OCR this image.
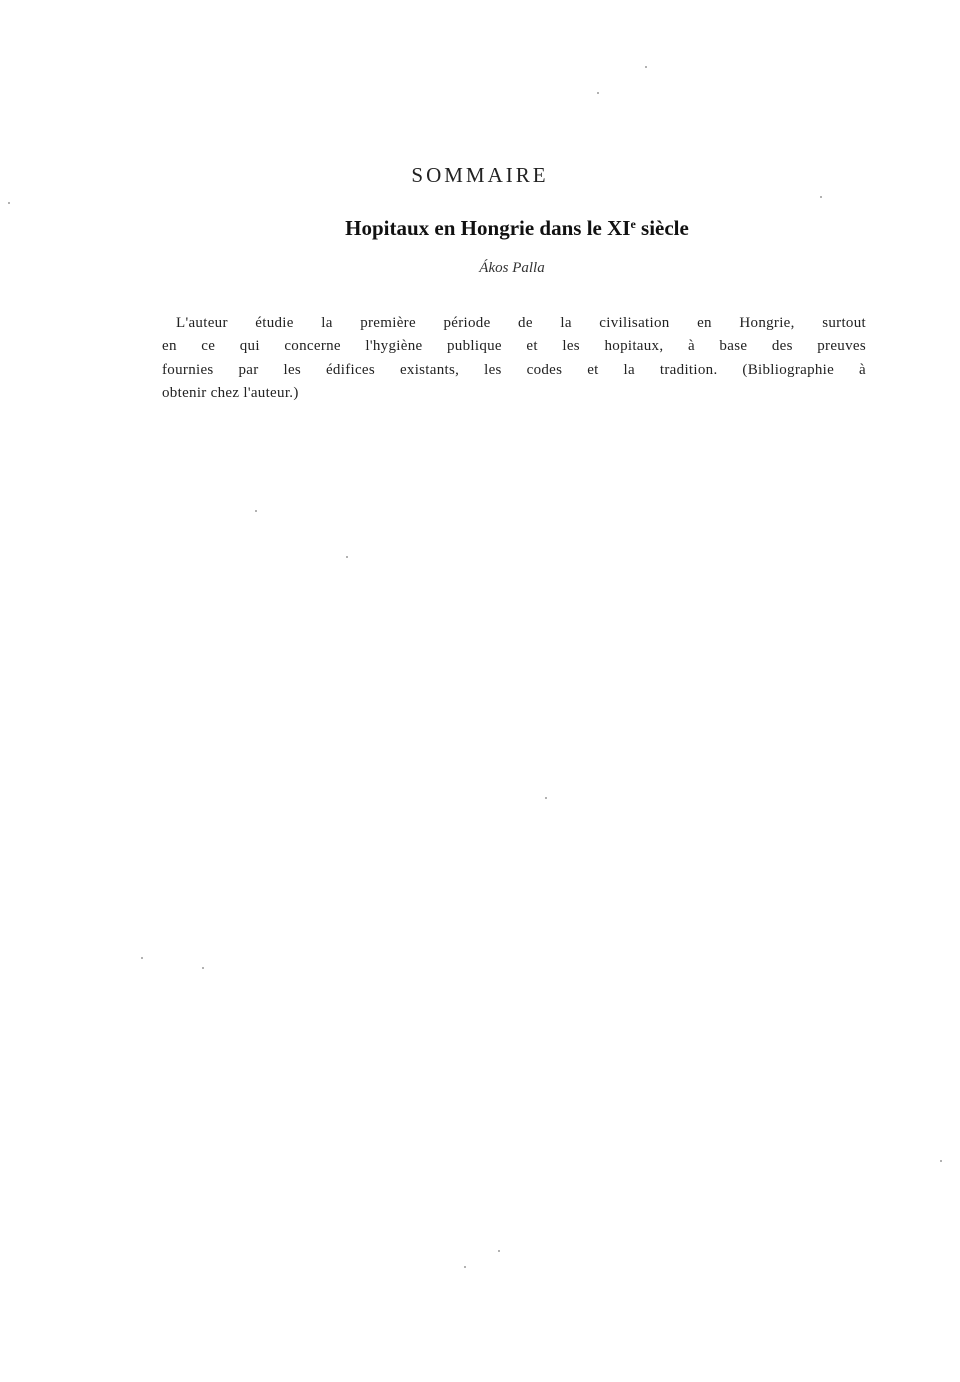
SOMMAIRE
Hopitaux en Hongrie dans le XIe siècle

Ákos Palla

L'auteur étudie la première période de la civilisation en Hongrie, surtout
en ce qui concerne l'hygiène publique et les hopitaux, à base des preuves
fournies par les édifices existants, les codes et la tradition. (Bibliographie à
obtenir chez l'auteur.)
